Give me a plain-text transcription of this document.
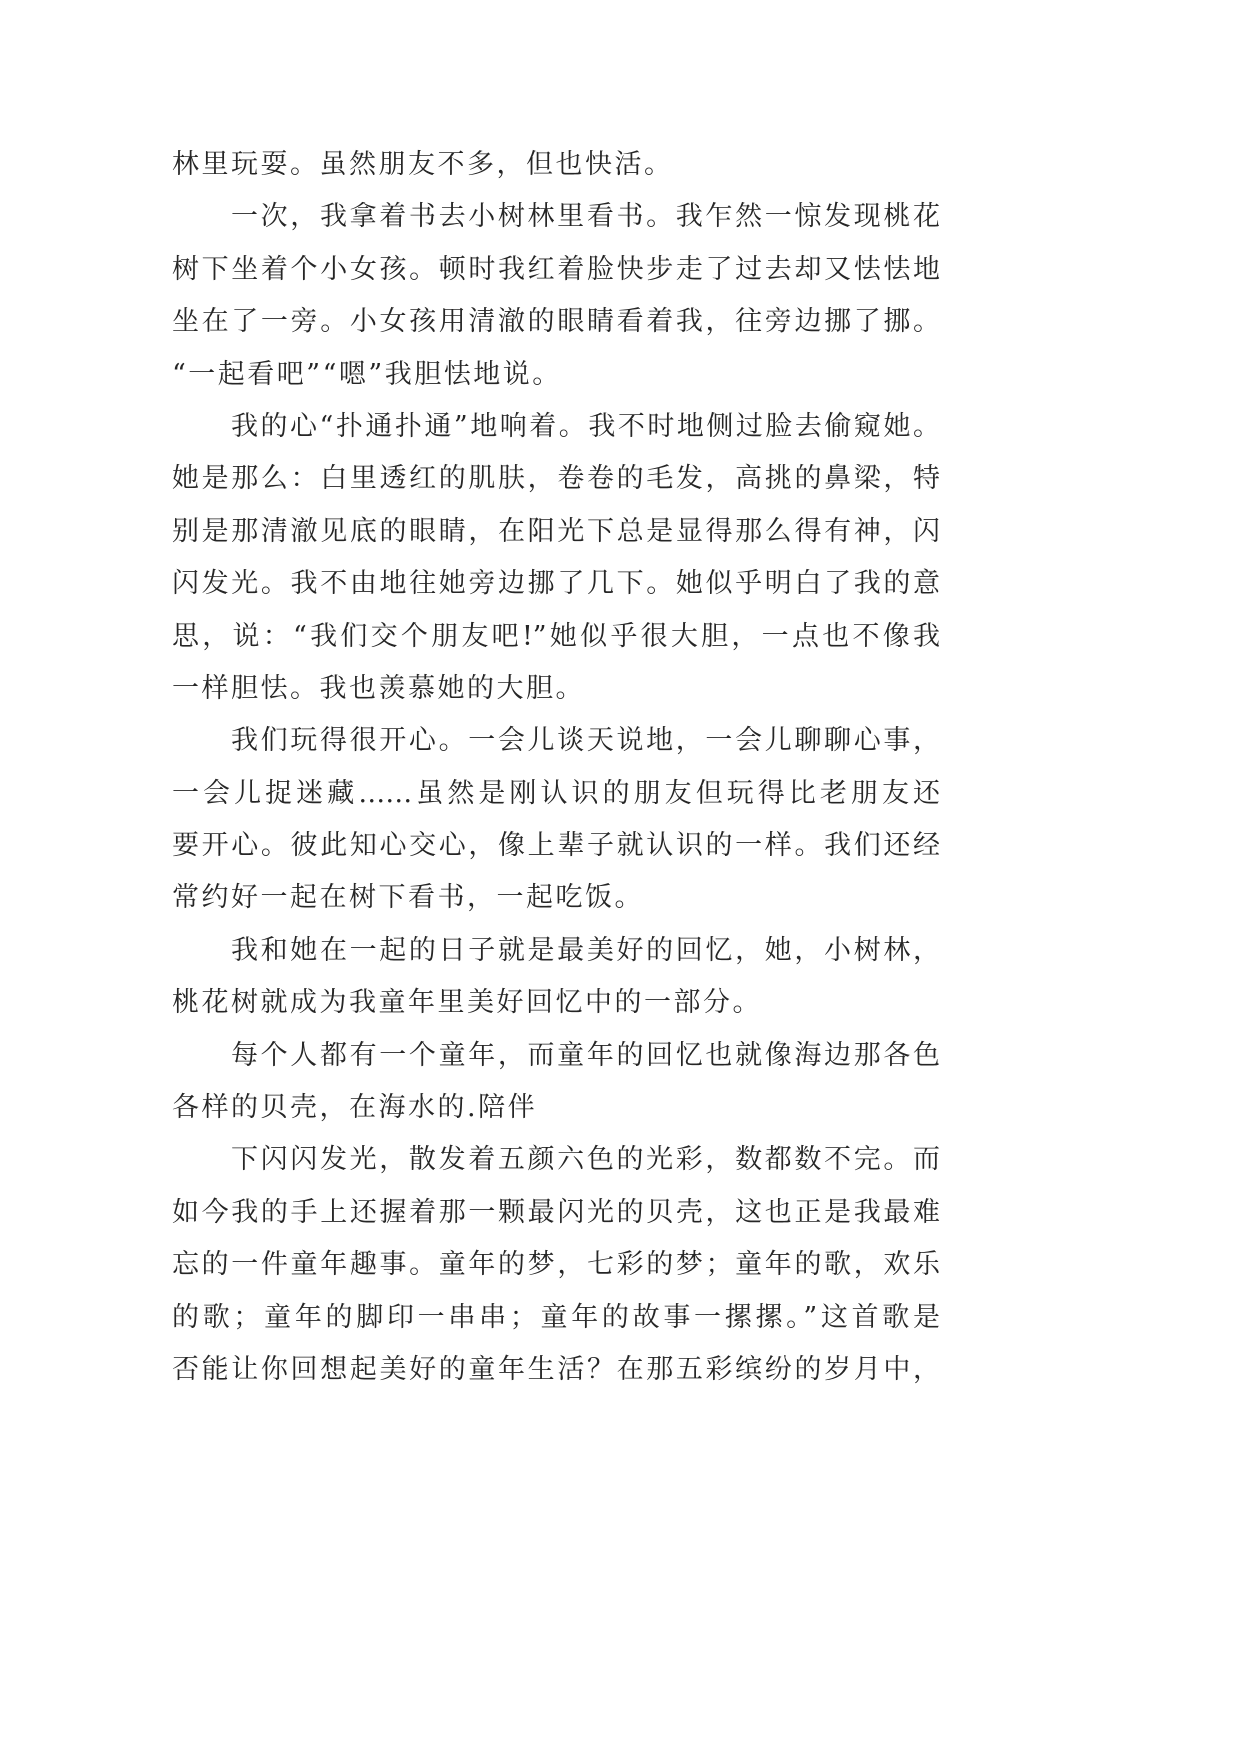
林里玩耍。虽然朋友不多，但也快活。
一次，我拿着书去小树林里看书。我乍然一惊发现桃花
树下坐着个小女孩。顿时我红着脸快步走了过去却又怯怯地
坐在了一旁。小女孩用清澈的眼睛看着我，往旁边挪了挪。
“一起看吧”“嗯”我胆怯地说。
我的心“扑通扑通”地响着。我不时地侧过脸去偷窥她。
她是那么：白里透红的肌肤，卷卷的毛发，高挑的鼻梁，特
别是那清澈见底的眼睛，在阳光下总是显得那么得有神，闪
闪发光。我不由地往她旁边挪了几下。她似乎明白了我的意
思，说：“我们交个朋友吧!”她似乎很大胆，一点也不像我
一样胆怯。我也羡慕她的大胆。
我们玩得很开心。一会儿谈天说地，一会儿聊聊心事，
一会儿捉迷藏……虽然是刚认识的朋友但玩得比老朋友还
要开心。彼此知心交心，像上辈子就认识的一样。我们还经
常约好一起在树下看书，一起吃饭。
我和她在一起的日子就是最美好的回忆，她，小树林，
桃花树就成为我童年里美好回忆中的一部分。
每个人都有一个童年，而童年的回忆也就像海边那各色
各样的贝壳，在海水的.陪伴
下闪闪发光，散发着五颜六色的光彩，数都数不完。而
如今我的手上还握着那一颗最闪光的贝壳，这也正是我最难
忘的一件童年趣事。童年的梦，七彩的梦；童年的歌，欢乐
的歌；童年的脚印一串串；童年的故事一摞摞。”这首歌是
否能让你回想起美好的童年生活？在那五彩缤纷的岁月中，
